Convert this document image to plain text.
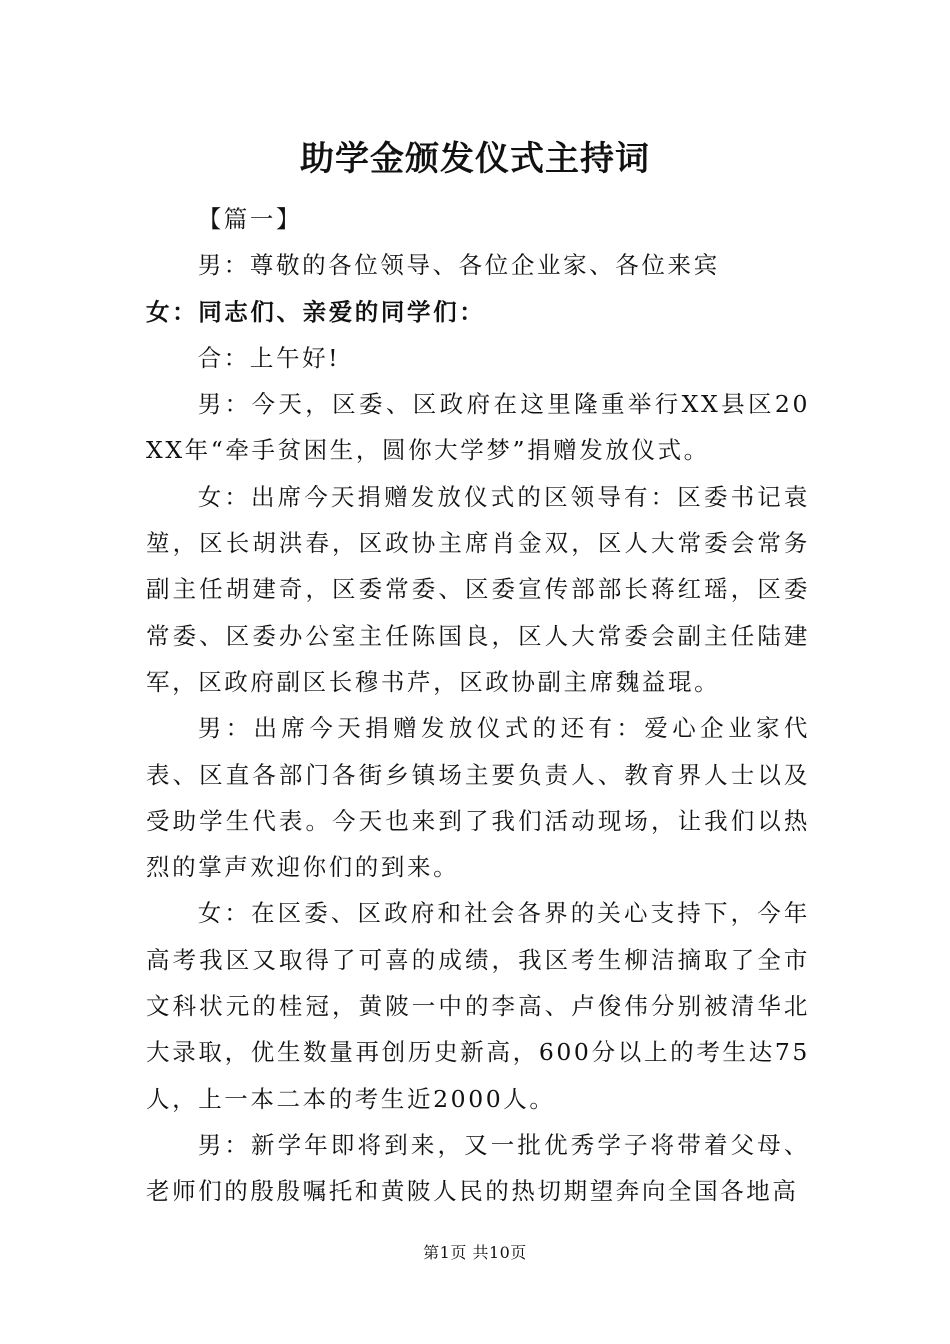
助学金颁发仪式主持词

【篇一】

男：尊敬的各位领导、各位企业家、各位来宾

女：同志们、亲爱的同学们：

合：上午好!

男：今天，区委、区政府在这里隆重举行XX县区20XX年“牵手贫困生，圆你大学梦”捐赠发放仪式。

女：出席今天捐赠发放仪式的区领导有：区委书记袁堃，区长胡洪春，区政协主席肖金双，区人大常委会常务副主任胡建奇，区委常委、区委宣传部部长蒋红瑶，区委常委、区委办公室主任陈国良，区人大常委会副主任陆建军，区政府副区长穆书芹，区政协副主席魏益琨。

男：出席今天捐赠发放仪式的还有：爱心企业家代表、区直各部门各街乡镇场主要负责人、教育界人士以及受助学生代表。今天也来到了我们活动现场，让我们以热烈的掌声欢迎你们的到来。

女：在区委、区政府和社会各界的关心支持下，今年高考我区又取得了可喜的成绩，我区考生柳洁摘取了全市文科状元的桂冠，黄陂一中的李高、卢俊伟分别被清华北大录取，优生数量再创历史新高，600分以上的考生达75人，上一本二本的考生近2000人。

男：新学年即将到来，又一批优秀学子将带着父母、老师们的殷殷嘱托和黄陂人民的热切期望奔向全国各地高

第1页 共10页
